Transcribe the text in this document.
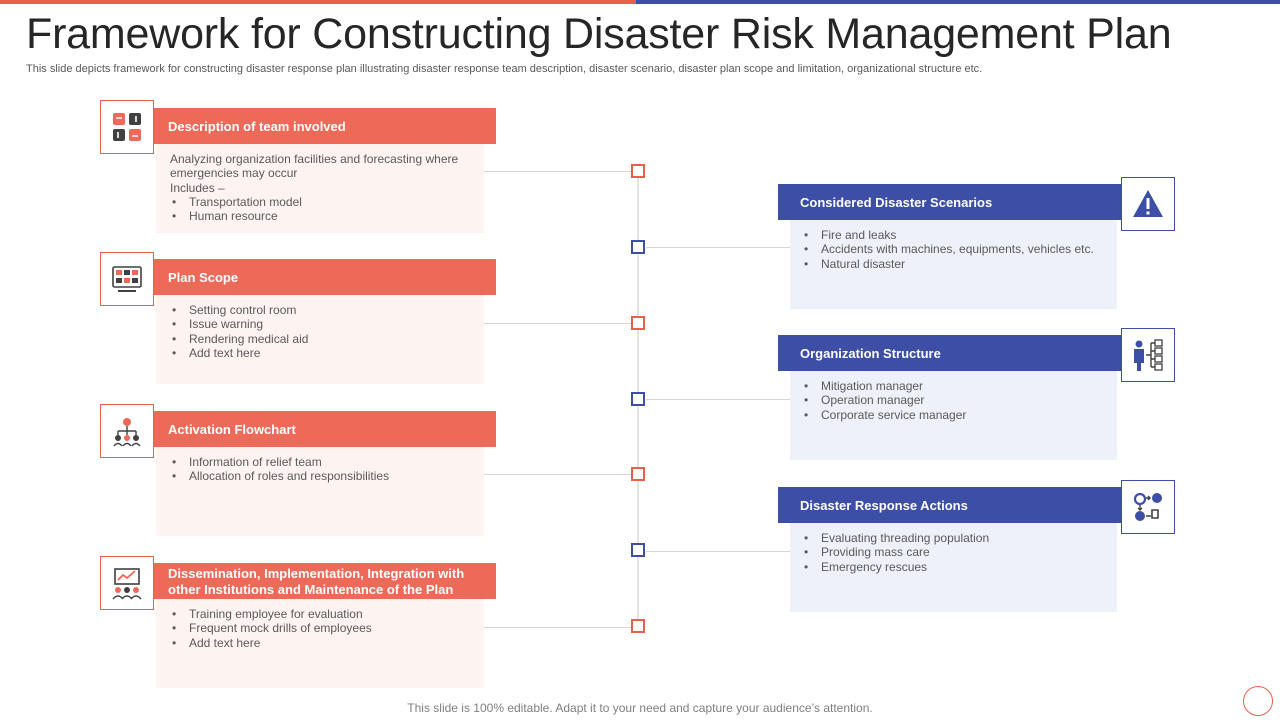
Framework for Constructing Disaster Risk Management Plan
This slide depicts framework for constructing disaster response plan illustrating disaster response team description, disaster scenario, disaster plan scope and limitation, organizational structure etc.
Description of team involved
Analyzing organization facilities and forecasting where emergencies may occur
Includes –
• Transportation model
• Human resource
Plan Scope
• Setting control room
• Issue warning
• Rendering medical aid
• Add text here
Activation Flowchart
• Information of relief team
• Allocation of roles and responsibilities
Dissemination, Implementation, Integration with other Institutions and Maintenance of the Plan
• Training employee for evaluation
• Frequent mock drills of employees
• Add text here
Considered Disaster Scenarios
• Fire and leaks
• Accidents with machines, equipments, vehicles etc.
• Natural disaster
Organization Structure
• Mitigation manager
• Operation manager
• Corporate service manager
Disaster Response Actions
• Evaluating threading population
• Providing mass care
• Emergency rescues
This slide is 100% editable. Adapt it to your need and capture your audience’s attention.
